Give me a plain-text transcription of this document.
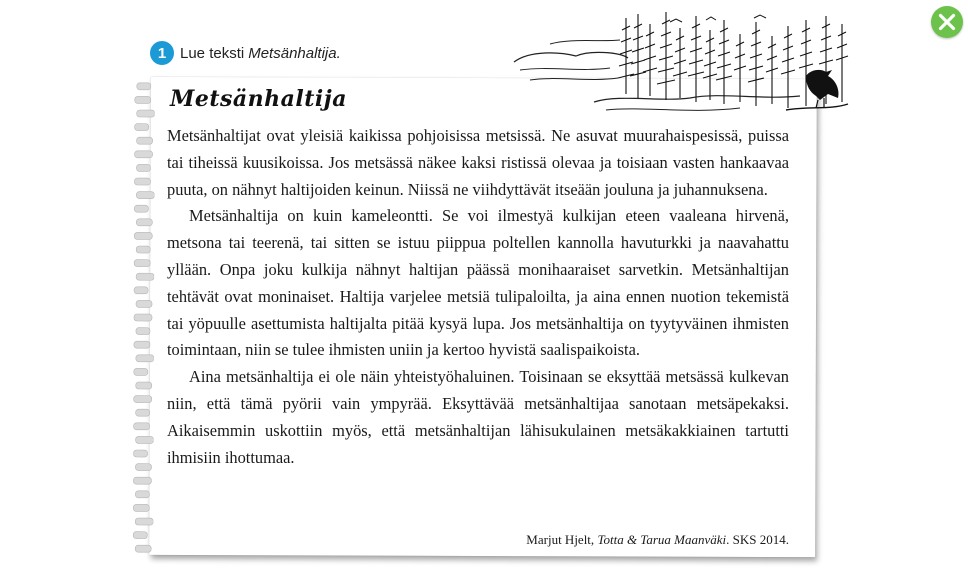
1 Lue teksti Metsänhaltija.
Metsänhaltija

Metsänhaltijat ovat yleisiä kaikissa pohjoisissa metsissä. Ne asuvat muurahaispesissä, puissa tai tiheissä kuusikoissa. Jos metsässä näkee kaksi ristissä olevaa ja toisiaan vasten hankaavaa puuta, on nähnyt haltijoiden keinun. Niissä ne viihdyttävät itseään jouluna ja juhannuksena.

Metsänhaltija on kuin kameleontti. Se voi ilmestyä kulkijan eteen vaaleana hirvenä, metsona tai teerenä, tai sitten se istuu piippua poltellen kannolla havuturkki ja naavahattu yllään. Onpa joku kulkija nähnyt haltijan päässä monihaaraiset sarvetkin. Metsänhaltijan tehtävät ovat moninaiset. Haltija varjelee metsiä tulipaloilta, ja aina ennen nuotion tekemistä tai yöpuulle asettumista haltijalta pitää kysyä lupa. Jos metsänhaltija on tyytyväinen ihmisten toimintaan, niin se tulee ihmisten uniin ja kertoo hyvistä saalispaikoista.

Aina metsänhaltija ei ole näin yhteistyöhaluinen. Toisinaan se eksyttää metsässä kulkevan niin, että tämä pyörii vain ympyrää. Eksyttävää metsänhaltijaa sanotaan metsäpekaksi. Aikaisemmin uskottiin myös, että metsänhaltijan lähisukulainen metsäkakkiainen tartutti ihmisiin ihottumaa.

Marjut Hjelt, Totta & Tarua Maanväki. SKS 2014.
